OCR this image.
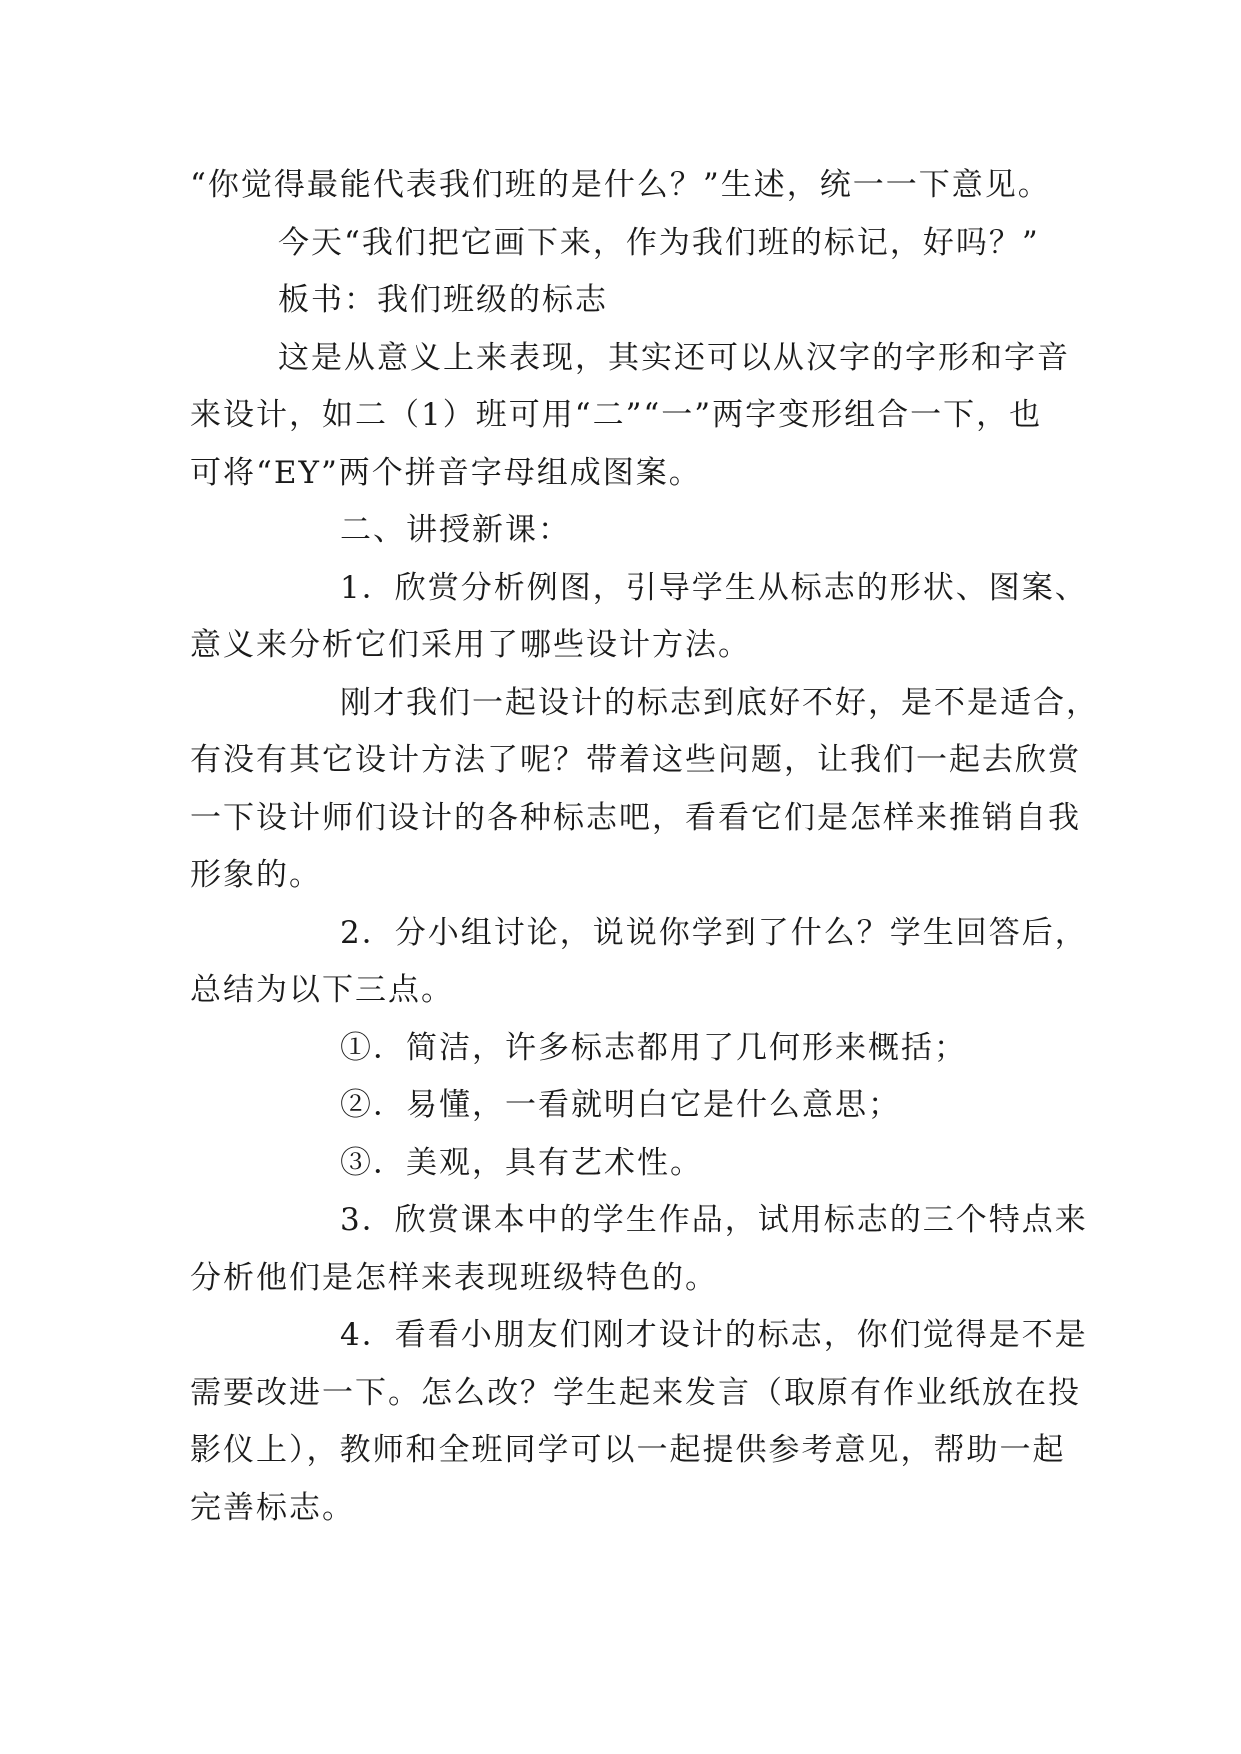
“你觉得最能代表我们班的是什么？”生述，统一一下意见。
今天“我们把它画下来，作为我们班的标记，好吗？”
板书：我们班级的标志
这是从意义上来表现，其实还可以从汉字的字形和字音
来设计，如二（1）班可用“二”“一”两字变形组合一下，也
可将“EY”两个拼音字母组成图案。
二、讲授新课：
1．欣赏分析例图，引导学生从标志的形状、图案、
意义来分析它们采用了哪些设计方法。
刚才我们一起设计的标志到底好不好，是不是适合，
有没有其它设计方法了呢？带着这些问题，让我们一起去欣赏
一下设计师们设计的各种标志吧，看看它们是怎样来推销自我
形象的。
2．分小组讨论，说说你学到了什么？学生回答后，
总结为以下三点。
①．简洁，许多标志都用了几何形来概括；
②．易懂，一看就明白它是什么意思；
③．美观，具有艺术性。
3．欣赏课本中的学生作品，试用标志的三个特点来
分析他们是怎样来表现班级特色的。
4．看看小朋友们刚才设计的标志，你们觉得是不是
需要改进一下。怎么改？学生起来发言（取原有作业纸放在投
影仪上），教师和全班同学可以一起提供参考意见，帮助一起
完善标志。
